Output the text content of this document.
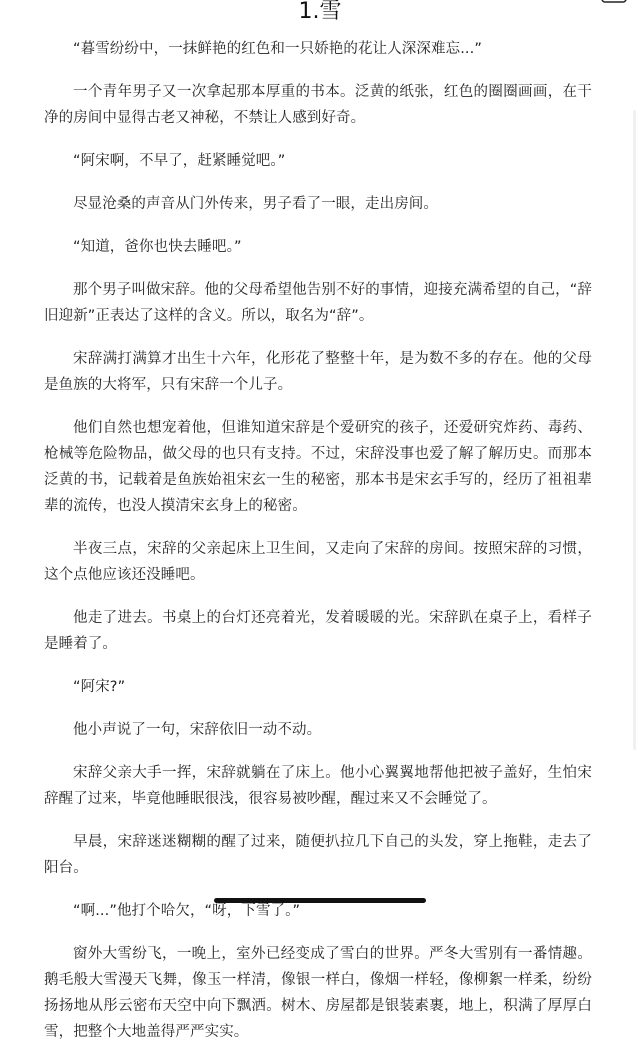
1.雪

“暮雪纷纷中，一抹鲜艳的红色和一只娇艳的花让人深深难忘...”

一个青年男子又一次拿起那本厚重的书本。泛黄的纸张，红色的圈圈画画，在干净的房间中显得古老又神秘，不禁让人感到好奇。

“阿宋啊，不早了，赶紧睡觉吧。”

尽显沧桑的声音从门外传来，男子看了一眼，走出房间。

“知道，爸你也快去睡吧。”

那个男子叫做宋辞。他的父母希望他告别不好的事情，迎接充满希望的自己，“辞旧迎新”正表达了这样的含义。所以，取名为“辞”。

宋辞满打满算才出生十六年，化形花了整整十年，是为数不多的存在。他的父母是鱼族的大将军，只有宋辞一个儿子。

他们自然也想宠着他，但谁知道宋辞是个爱研究的孩子，还爱研究炸药、毒药、枪械等危险物品，做父母的也只有支持。不过，宋辞没事也爱了解了解历史。而那本泛黄的书，记载着是鱼族始祖宋玄一生的秘密，那本书是宋玄手写的，经历了祖祖辈辈的流传，也没人摸清宋玄身上的秘密。

半夜三点，宋辞的父亲起床上卫生间，又走向了宋辞的房间。按照宋辞的习惯，这个点他应该还没睡吧。

他走了进去。书桌上的台灯还亮着光，发着暖暖的光。宋辞趴在桌子上，看样子是睡着了。

“阿宋?”

他小声说了一句，宋辞依旧一动不动。

宋辞父亲大手一挥，宋辞就躺在了床上。他小心翼翼地帮他把被子盖好，生怕宋辞醒了过来，毕竟他睡眠很浅，很容易被吵醒，醒过来又不会睡觉了。

早晨，宋辞迷迷糊糊的醒了过来，随便扒拉几下自己的头发，穿上拖鞋，走去了阳台。

“啊...”他打个哈欠，“呀，下雪了。”

窗外大雪纷飞，一晚上，室外已经变成了雪白的世界。严冬大雪别有一番情趣。鹅毛般大雪漫天飞舞，像玉一样清，像银一样白，像烟一样轻，像柳絮一样柔，纷纷扬扬地从彤云密布天空中向下飘洒。树木、房屋都是银装素裹，地上，积满了厚厚白雪，把整个大地盖得严严实实。
